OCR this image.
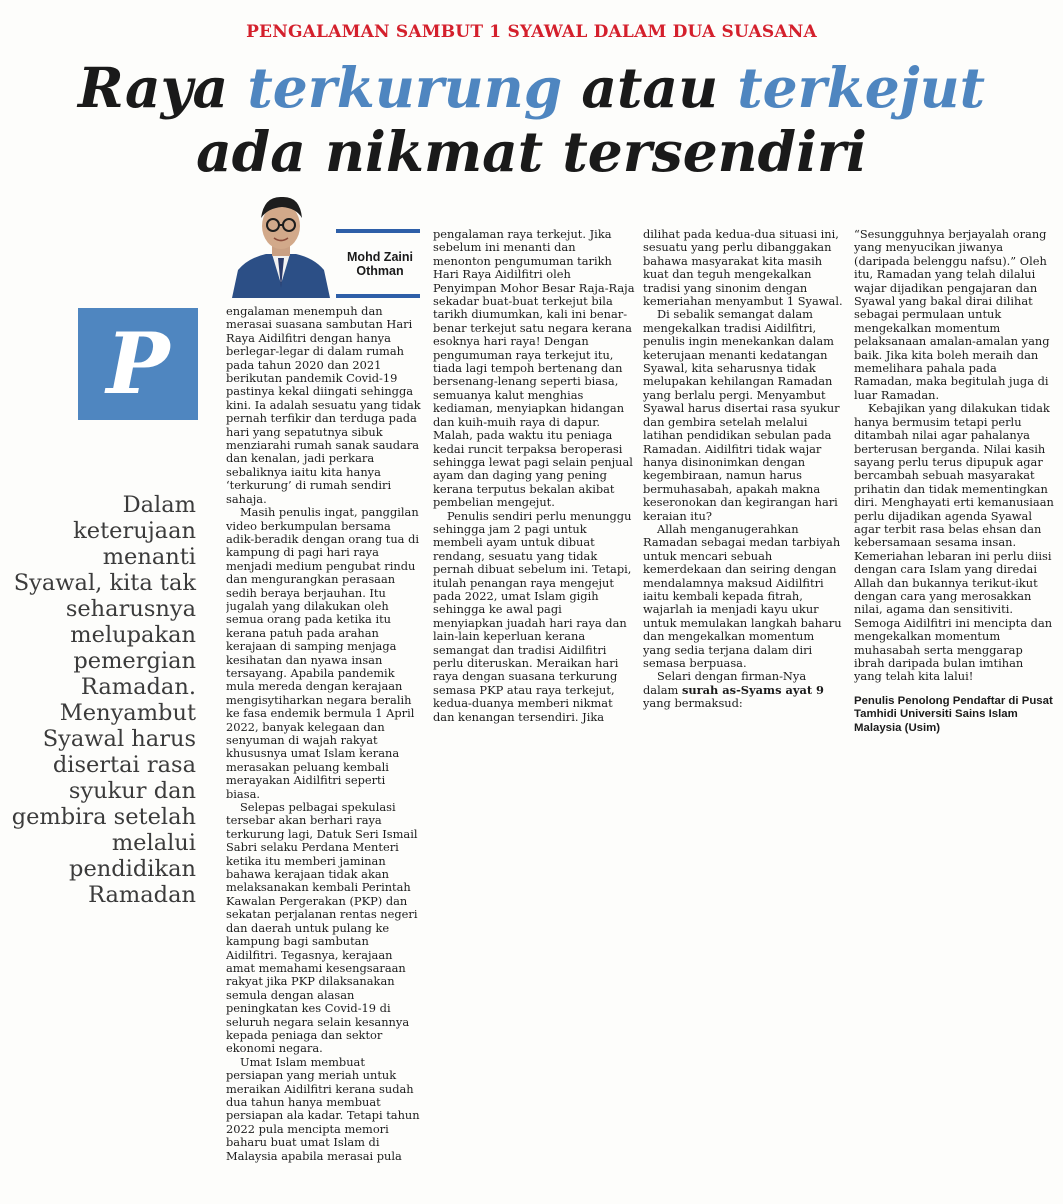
PENGALAMAN SAMBUT 1 SYAWAL DALAM DUA SUASANA
Raya terkurung atau terkejut
ada nikmat tersendiri
Mohd Zaini
Othman
P
Dalam keterujaan menanti Syawal, kita tak seharusnya melupakan pemergian Ramadan. Menyambut Syawal harus disertai rasa syukur dan gembira setelah melalui pendidikan Ramadan

engalaman menempuh dan merasai suasana sambutan Hari Raya Aidilfitri dengan hanya berlegar-legar di dalam rumah pada tahun 2020 dan 2021 berikutan pandemik Covid-19 pastinya kekal diingati sehingga kini. Ia adalah sesuatu yang tidak pernah terfikir dan terduga pada hari yang sepatutnya sibuk menziarahi rumah sanak saudara dan kenalan, jadi perkara sebaliknya iaitu kita hanya ‘terkurung’ di rumah sendiri sahaja.

Masih penulis ingat, panggilan video berkumpulan bersama adik-beradik dengan orang tua di kampung di pagi hari raya menjadi medium pengubat rindu dan mengurangkan perasaan sedih beraya berjauhan. Itu jugalah yang dilakukan oleh semua orang pada ketika itu kerana patuh pada arahan kerajaan di samping menjaga kesihatan dan nyawa insan tersayang. Apabila pandemik mula mereda dengan kerajaan mengisytiharkan negara beralih ke fasa endemik bermula 1 April 2022, banyak kelegaan dan senyuman di wajah rakyat khususnya umat Islam kerana merasakan peluang kembali merayakan Aidilfitri seperti biasa.

Selepas pelbagai spekulasi tersebar akan berhari raya terkurung lagi, Datuk Seri Ismail Sabri selaku Perdana Menteri ketika itu memberi jaminan bahawa kerajaan tidak akan melaksanakan kembali Perintah Kawalan Pergerakan (PKP) dan sekatan perjalanan rentas negeri dan daerah untuk pulang ke kampung bagi sambutan Aidilfitri. Tegasnya, kerajaan amat memahami kesengsaraan rakyat jika PKP dilaksanakan semula dengan alasan peningkatan kes Covid-19 di seluruh negara selain kesannya kepada peniaga dan sektor ekonomi negara.

Umat Islam membuat persiapan yang meriah untuk meraikan Aidilfitri kerana sudah dua tahun hanya membuat persiapan ala kadar. Tetapi tahun 2022 pula mencipta memori baharu buat umat Islam di Malaysia apabila merasai pula

pengalaman raya terkejut. Jika sebelum ini menanti dan menonton pengumuman tarikh Hari Raya Aidilfitri oleh Penyimpan Mohor Besar Raja-Raja sekadar buat-buat terkejut bila tarikh diumumkan, kali ini benar-benar terkejut satu negara kerana esoknya hari raya! Dengan pengumuman raya terkejut itu, tiada lagi tempoh bertenang dan bersenang-lenang seperti biasa, semuanya kalut menghias kediaman, menyiapkan hidangan dan kuih-muih raya di dapur. Malah, pada waktu itu peniaga kedai runcit terpaksa beroperasi sehingga lewat pagi selain penjual ayam dan daging yang pening kerana terputus bekalan akibat pembelian mengejut.

Penulis sendiri perlu menunggu sehingga jam 2 pagi untuk membeli ayam untuk dibuat rendang, sesuatu yang tidak pernah dibuat sebelum ini. Tetapi, itulah penangan raya mengejut pada 2022, umat Islam gigih sehingga ke awal pagi menyiapkan juadah hari raya dan lain-lain keperluan kerana semangat dan tradisi Aidilfitri perlu diteruskan. Meraikan hari raya dengan suasana terkurung semasa PKP atau raya terkejut, kedua-duanya memberi nikmat dan kenangan tersendiri. Jika

dilihat pada kedua-dua situasi ini, sesuatu yang perlu dibanggakan bahawa masyarakat kita masih kuat dan teguh mengekalkan tradisi yang sinonim dengan kemeriahan menyambut 1 Syawal.

Di sebalik semangat dalam mengekalkan tradisi Aidilfitri, penulis ingin menekankan dalam keterujaan menanti kedatangan Syawal, kita seharusnya tidak melupakan kehilangan Ramadan yang berlalu pergi. Menyambut Syawal harus disertai rasa syukur dan gembira setelah melalui latihan pendidikan sebulan pada Ramadan. Aidilfitri tidak wajar hanya disinonimkan dengan kegembiraan, namun harus bermuhasabah, apakah makna keseronokan dan kegirangan hari keraian itu?

Allah menganugerahkan Ramadan sebagai medan tarbiyah untuk mencari sebuah kemerdekaan dan seiring dengan mendalamnya maksud Aidilfitri iaitu kembali kepada fitrah, wajarlah ia menjadi kayu ukur untuk memulakan langkah baharu dan mengekalkan momentum yang sedia terjana dalam diri semasa berpuasa.

Selari dengan firman-Nya dalam surah as-Syams ayat 9 yang bermaksud:

“Sesungguhnya berjayalah orang yang menyucikan jiwanya (daripada belenggu nafsu).” Oleh itu, Ramadan yang telah dilalui wajar dijadikan pengajaran dan Syawal yang bakal dirai dilihat sebagai permulaan untuk mengekalkan momentum pelaksanaan amalan-amalan yang baik. Jika kita boleh meraih dan memelihara pahala pada Ramadan, maka begitulah juga di luar Ramadan.

Kebajikan yang dilakukan tidak hanya bermusim tetapi perlu ditambah nilai agar pahalanya berterusan berganda. Nilai kasih sayang perlu terus dipupuk agar bercambah sebuah masyarakat prihatin dan tidak mementingkan diri. Menghayati erti kemanusiaan perlu dijadikan agenda Syawal agar terbit rasa belas ehsan dan kebersamaan sesama insan. Kemeriahan lebaran ini perlu diisi dengan cara Islam yang diredai Allah dan bukannya terikut-ikut dengan cara yang merosakkan nilai, agama dan sensitiviti. Semoga Aidilfitri ini mencipta dan mengekalkan momentum muhasabah serta menggarap ibrah daripada bulan imtihan yang telah kita lalui!

Penulis Penolong Pendaftar di Pusat Tamhidi Universiti Sains Islam Malaysia (Usim)
